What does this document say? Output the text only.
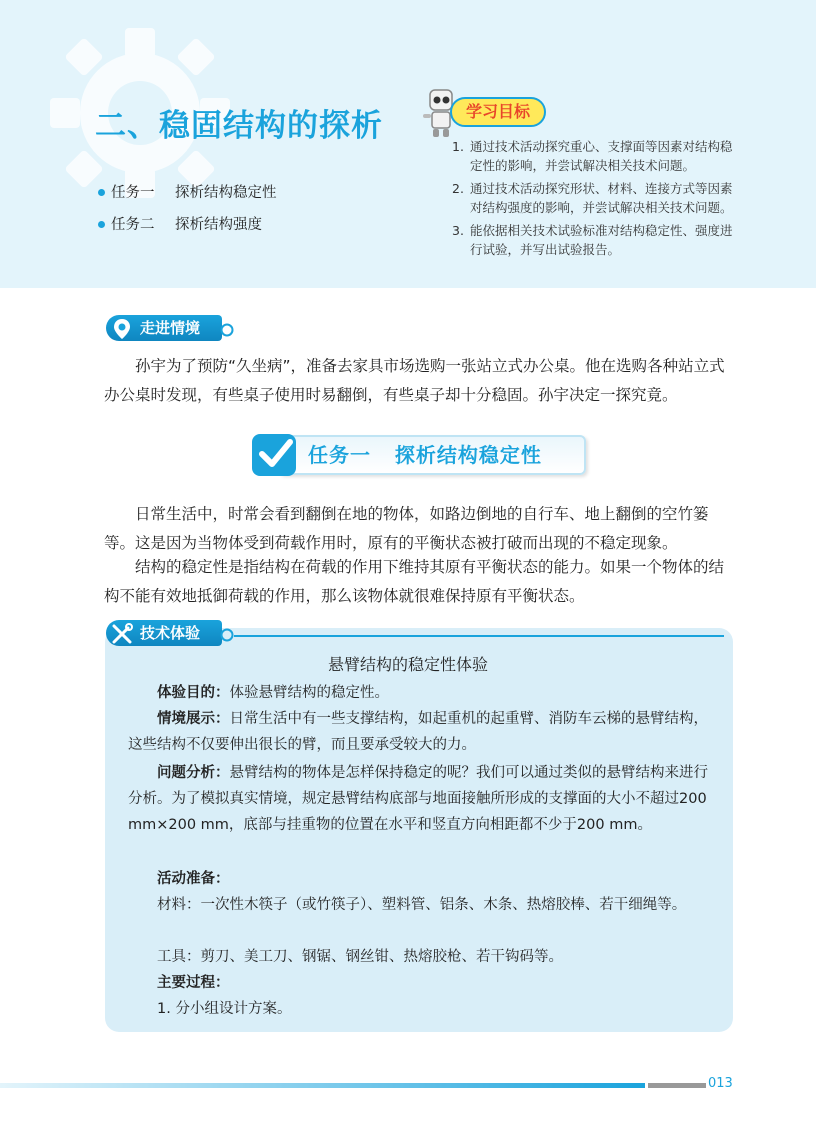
二、稳固结构的探析
任务一 探析结构稳定性
任务二 探析结构强度
学习目标
1. 通过技术活动探究重心、支撑面等因素对结构稳定性的影响，并尝试解决相关技术问题。
2. 通过技术活动探究形状、材料、连接方式等因素对结构强度的影响，并尝试解决相关技术问题。
3. 能依据相关技术试验标准对结构稳定性、强度进行试验，并写出试验报告。
走进情境

孙宇为了预防“久坐病”，准备去家具市场选购一张站立式办公桌。他在选购各种站立式办公桌时发现，有些桌子使用时易翻倒，有些桌子却十分稳固。孙宇决定一探究竟。

任务一   探析结构稳定性

日常生活中，时常会看到翻倒在地的物体，如路边倒地的自行车、地上翻倒的空竹篓等。这是因为当物体受到荷载作用时，原有的平衡状态被打破而出现的不稳定现象。

结构的稳定性是指结构在荷载的作用下维持其原有平衡状态的能力。如果一个物体的结构不能有效地抵御荷载的作用，那么该物体就很难保持原有平衡状态。

技术体验
悬臂结构的稳定性体验

体验目的：体验悬臂结构的稳定性。

情境展示：日常生活中有一些支撑结构，如起重机的起重臂、消防车云梯的悬臂结构，这些结构不仅要伸出很长的臂，而且要承受较大的力。

问题分析：悬臂结构的物体是怎样保持稳定的呢？我们可以通过类似的悬臂结构来进行分析。为了模拟真实情境，规定悬臂结构底部与地面接触所形成的支撑面的大小不超过200 mm×200 mm，底部与挂重物的位置在水平和竖直方向相距都不少于200 mm。

活动准备：

材料：一次性木筷子（或竹筷子）、塑料管、铝条、木条、热熔胶棒、若干细绳等。

工具：剪刀、美工刀、钢锯、钢丝钳、热熔胶枪、若干钩码等。

主要过程：

1. 分小组设计方案。

013
